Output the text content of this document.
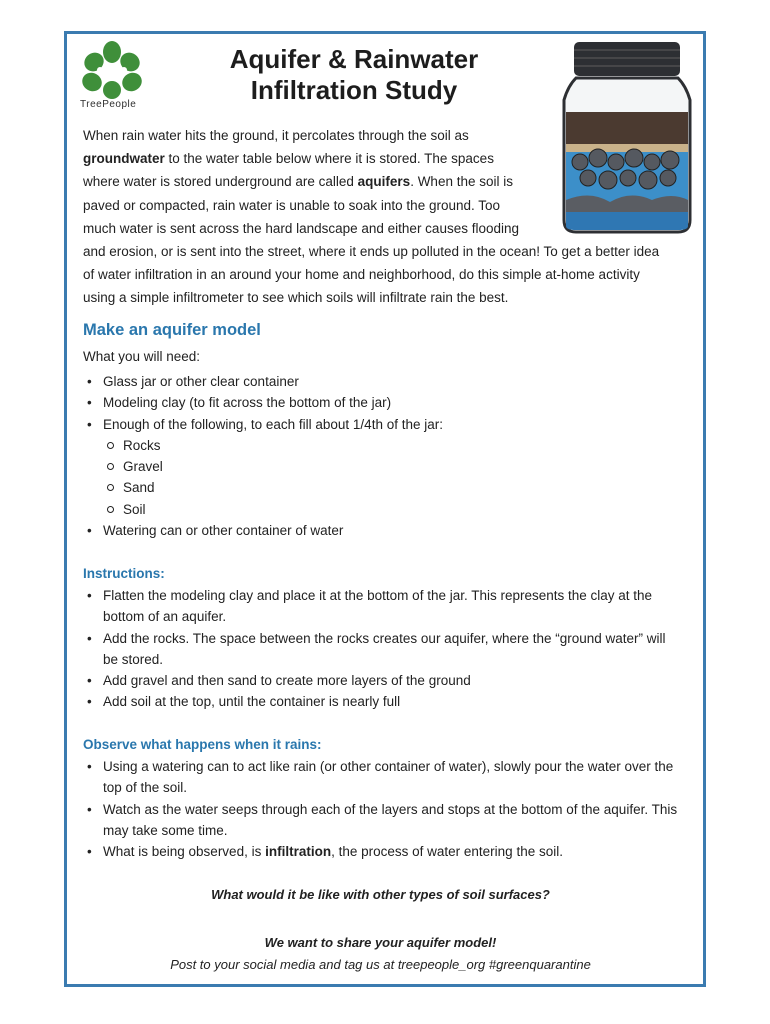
TreePeople
Aquifer & Rainwater
Infiltration Study
When rain water hits the ground, it percolates through the soil as
groundwater to the water table below where it is stored. The spaces
where water is stored underground are called aquifers. When the soil is
paved or compacted, rain water is unable to soak into the ground. Too
much water is sent across the hard landscape and either causes flooding
and erosion, or is sent into the street, where it ends up polluted in the ocean! To get a better idea
of water infiltration in an around your home and neighborhood, do this simple at-home activity
using a simple infiltrometer to see which soils will infiltrate rain the best.
Make an aquifer model

What you will need:

• Glass jar or other clear container
• Modeling clay (to fit across the bottom of the jar)
• Enough of the following, to each fill about 1/4th of the jar:
Rocks
Gravel
Sand
Soil
• Watering can or other container of water
Instructions:
• Flatten the modeling clay and place it at the bottom of the jar. This represents the clay at the bottom of an aquifer.
• Add the rocks. The space between the rocks creates our aquifer, where the “ground water” will be stored.
• Add gravel and then sand to create more layers of the ground
• Add soil at the top, until the container is nearly full
Observe what happens when it rains:
• Using a watering can to act like rain (or other container of water), slowly pour the water over the top of the soil.
• Watch as the water seeps through each of the layers and stops at the bottom of the aquifer. This may take some time.
• What is being observed, is infiltration, the process of water entering the soil.

What would it be like with other types of soil surfaces?

We want to share your aquifer model!

Post to your social media and tag us at treepeople_org #greenquarantine
